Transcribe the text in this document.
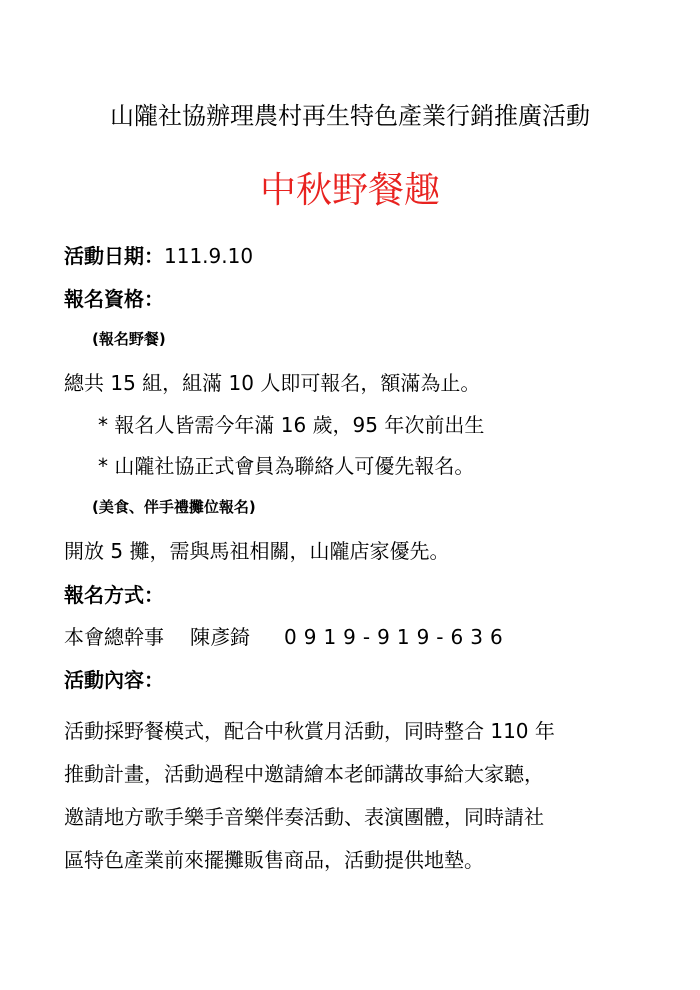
山隴社協辦理農村再生特色產業行銷推廣活動
中秋野餐趣
活動日期：111.9.10
報名資格：
(報名野餐)
總共 15 組，組滿 10 人即可報名，額滿為止。
* 報名人皆需今年滿 16 歲，95 年次前出生
* 山隴社協正式會員為聯絡人可優先報名。
(美食、伴手禮攤位報名)
開放 5 攤，需與馬祖相關，山隴店家優先。
報名方式：
本會總幹事 陳彥錡 0919-919-636
活動內容：
活動採野餐模式，配合中秋賞月活動，同時整合 110 年
推動計畫，活動過程中邀請繪本老師講故事給大家聽，
邀請地方歌手樂手音樂伴奏活動、表演團體，同時請社
區特色產業前來擺攤販售商品，活動提供地墊。
